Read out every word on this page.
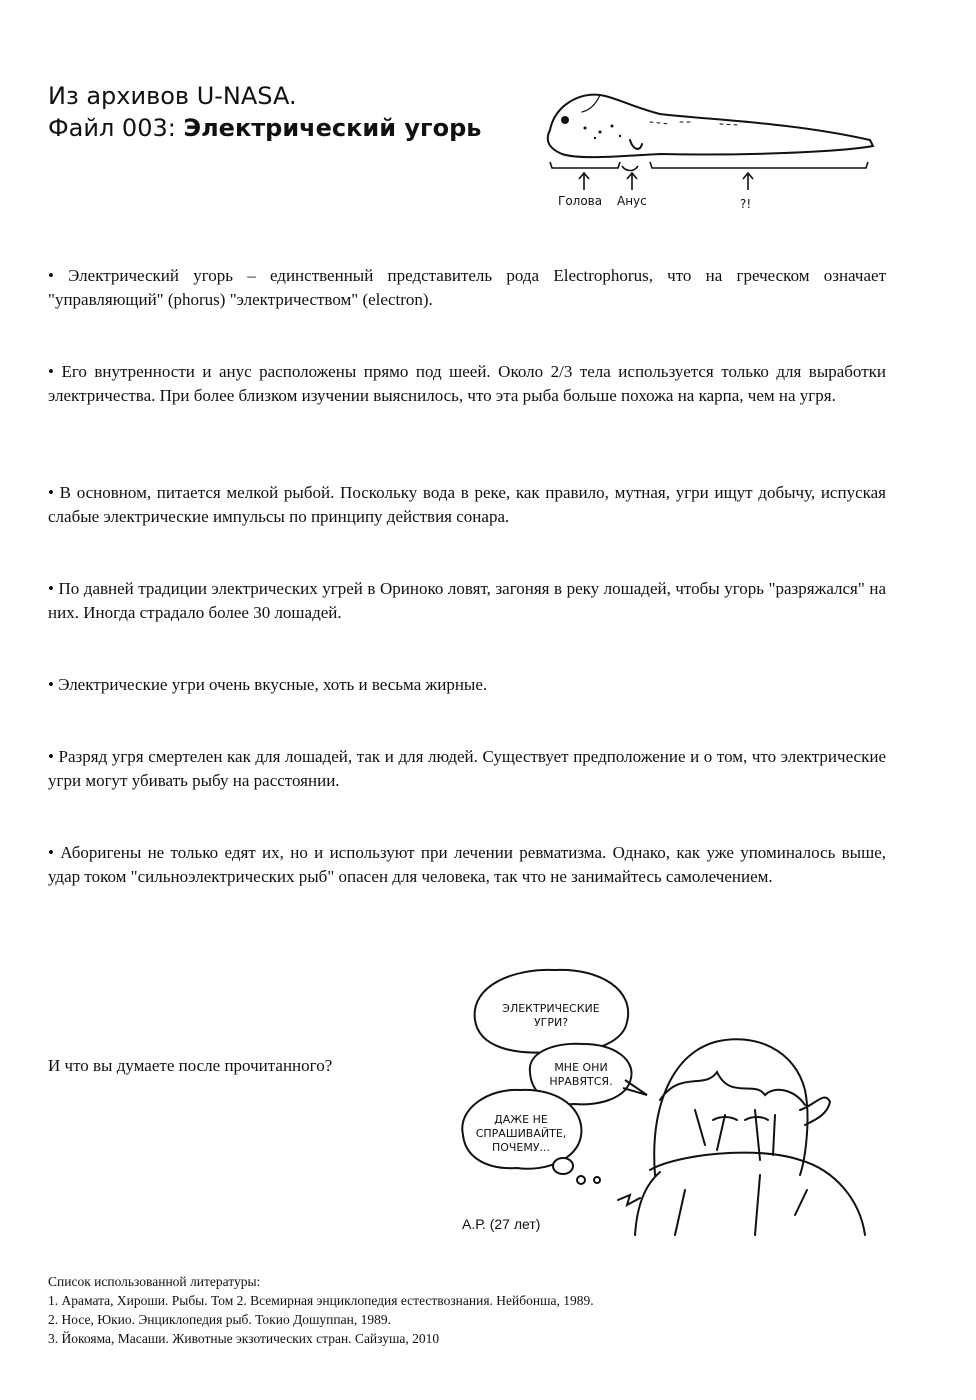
Из архивов U-NASA.
Файл 003: Электрический угорь
Голова Анус	?!

• Электрический угорь – единственный представитель рода Electrophorus, что на греческом означает "управляющий" (phorus) "электричеством" (electron).

• Его внутренности и анус расположены прямо под шеей. Около 2/3 тела используется только для выработки электричества. При более близком изучении выяснилось, что эта рыба больше похожа на карпа, чем на угря.

• В основном, питается мелкой рыбой. Поскольку вода в реке, как правило, мутная, угри ищут добычу, испуская слабые электрические импульсы по принципу действия сонара.

• По давней традиции электрических угрей в Ориноко ловят, загоняя в реку лошадей, чтобы угорь "разряжался" на них. Иногда страдало более 30 лошадей.

• Электрические угри очень вкусные, хоть и весьма жирные.

• Разряд угря смертелен как для лошадей, так и для людей. Существует предположение и о том, что электрические угри могут убивать рыбу на расстоянии.

• Аборигены не только едят их, но и используют при лечении ревматизма. Однако, как уже упоминалось выше, удар током "сильноэлектрических рыб" опасен для человека, так что не занимайтесь самолечением.

И что вы думаете после прочитанного?

ЭЛЕКТРИЧЕСКИЕ
УГРИ?
МНЕ ОНИ
НРАВЯТСЯ.
ДАЖЕ НЕ
СПРАШИВАЙТЕ,
ПОЧЕМУ...

А.Р. (27 лет)

Список использованной литературы:
1. Арамата, Хироши. Рыбы. Том 2. Всемирная энциклопедия естествознания. Нейбонша, 1989.
2. Носе, Юкио. Энциклопедия рыб. Токио Дошуппан, 1989.
3. Йокояма, Масаши. Животные экзотических стран. Сайзуша, 2010
